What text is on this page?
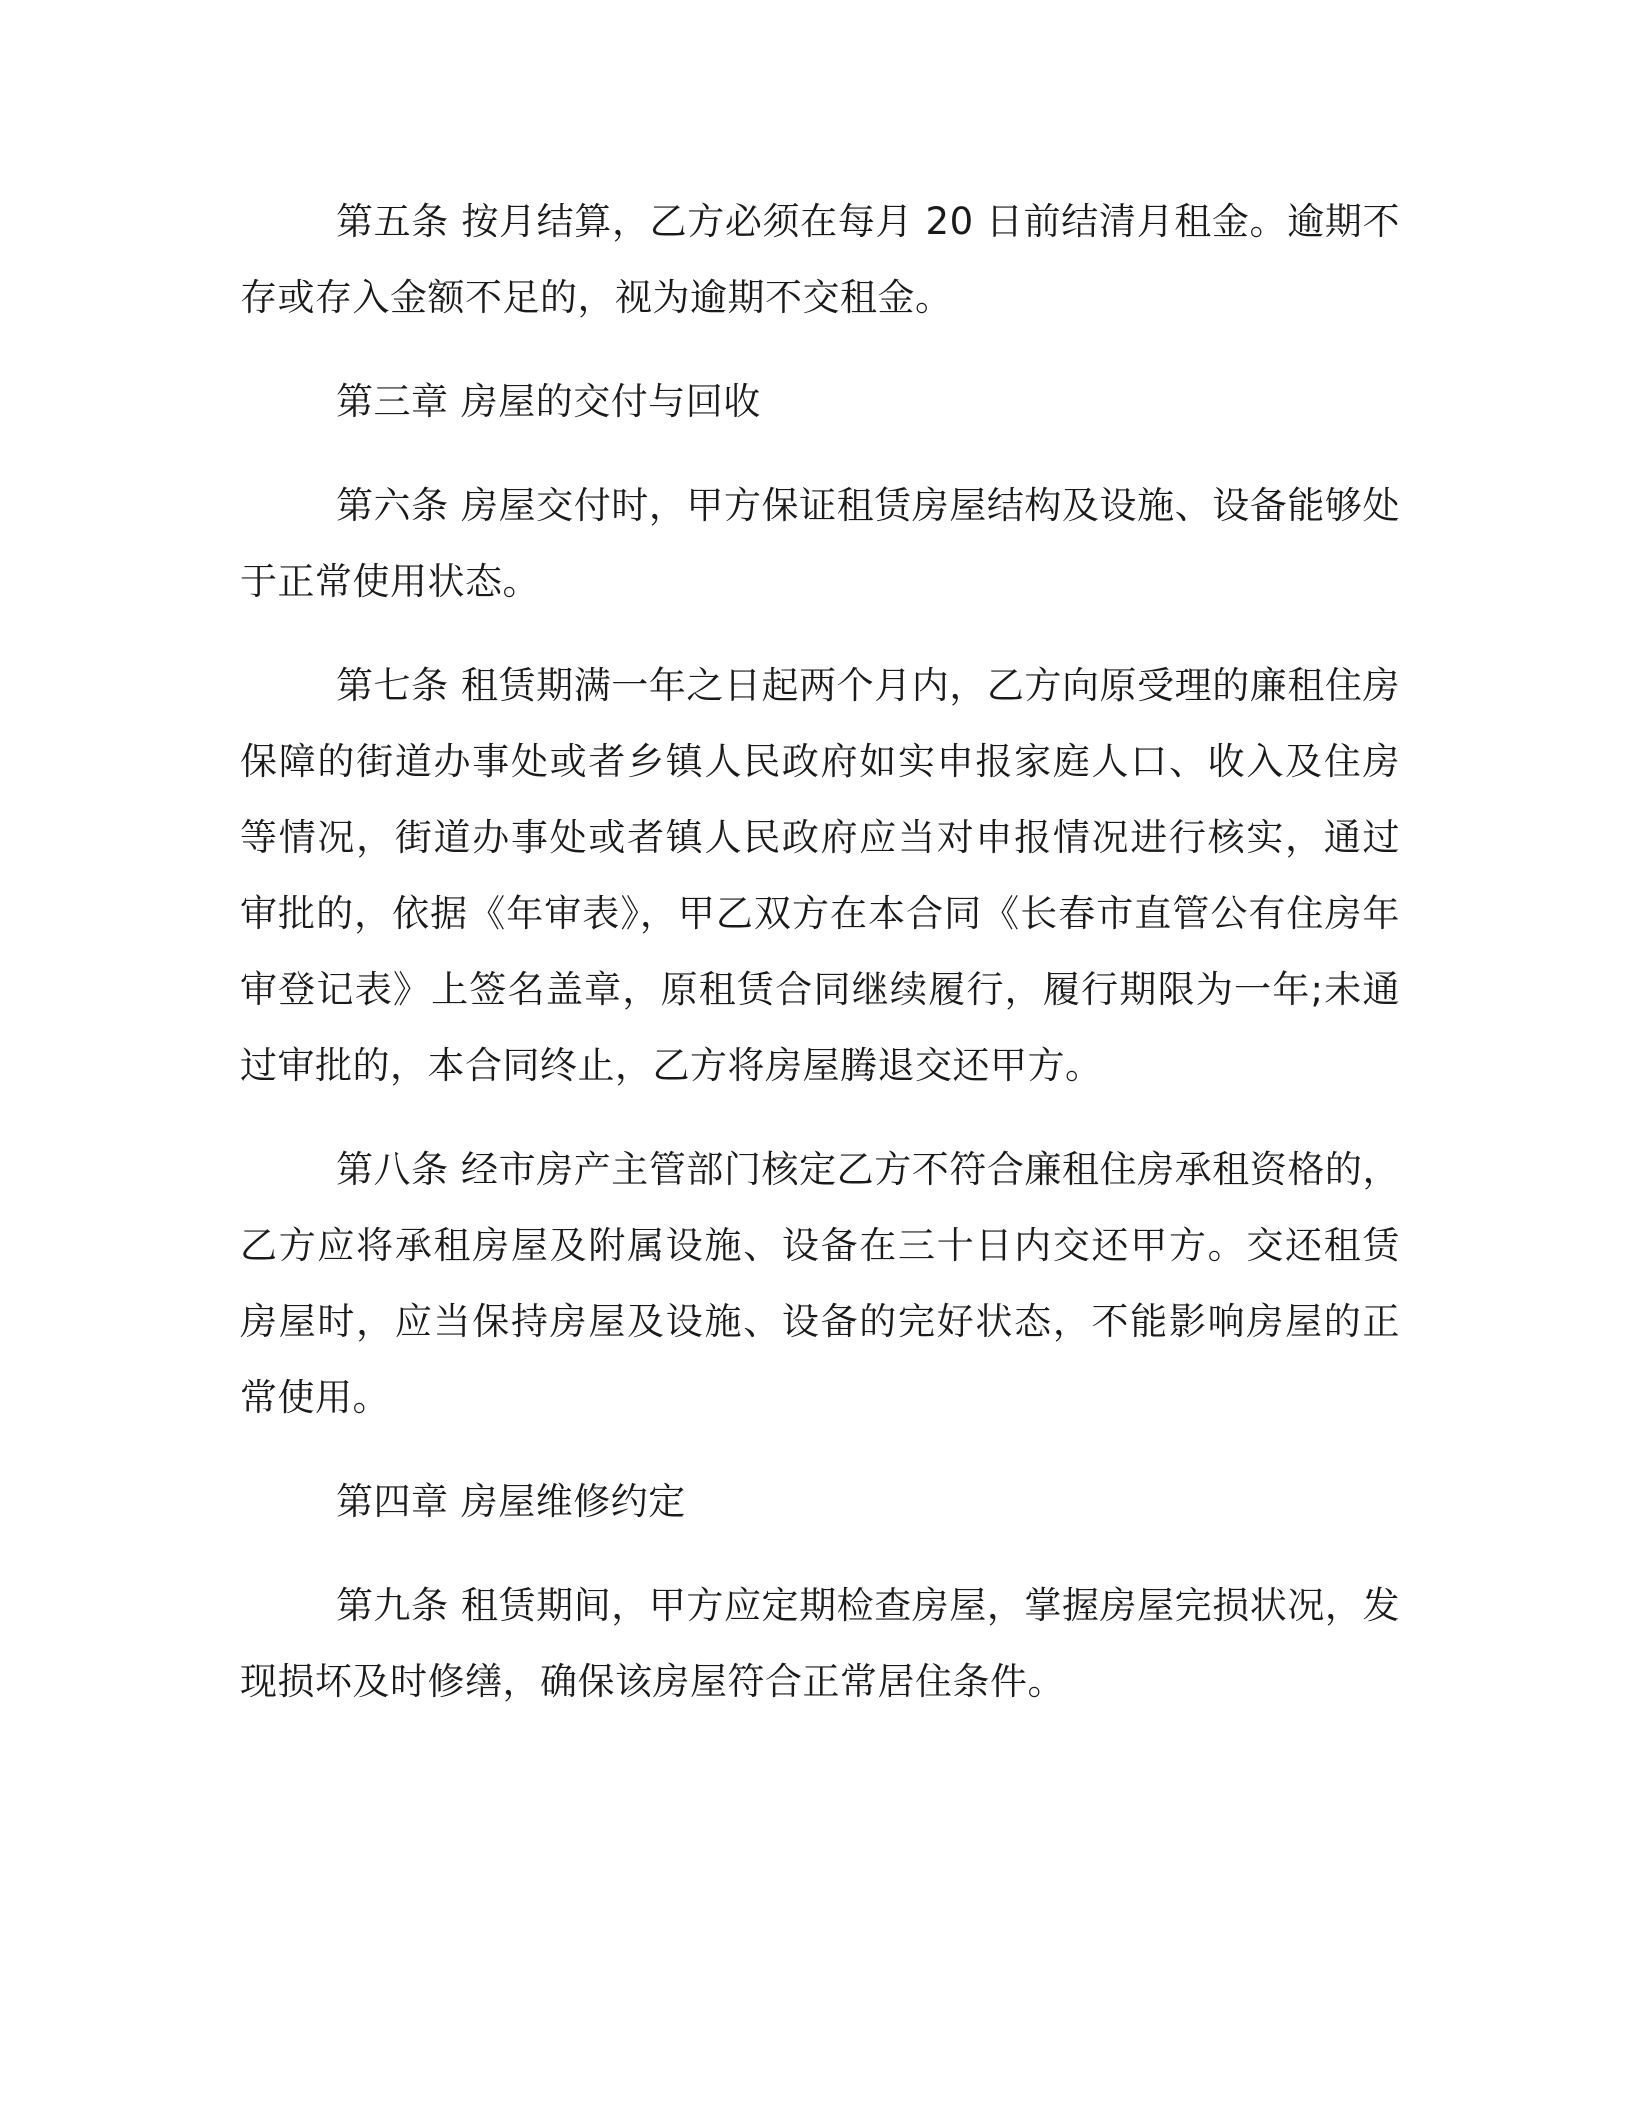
第五条 按月结算，乙方必须在每月 20 日前结清月租金。逾期不存或存入金额不足的，视为逾期不交租金。

第三章 房屋的交付与回收

第六条 房屋交付时，甲方保证租赁房屋结构及设施、设备能够处于正常使用状态。

第七条 租赁期满一年之日起两个月内，乙方向原受理的廉租住房保障的街道办事处或者乡镇人民政府如实申报家庭人口、收入及住房等情况，街道办事处或者镇人民政府应当对申报情况进行核实，通过审批的，依据《年审表》，甲乙双方在本合同《长春市直管公有住房年审登记表》上签名盖章，原租赁合同继续履行，履行期限为一年;未通过审批的，本合同终止，乙方将房屋腾退交还甲方。

第八条 经市房产主管部门核定乙方不符合廉租住房承租资格的，乙方应将承租房屋及附属设施、设备在三十日内交还甲方。交还租赁房屋时，应当保持房屋及设施、设备的完好状态，不能影响房屋的正常使用。

第四章 房屋维修约定

第九条 租赁期间，甲方应定期检查房屋，掌握房屋完损状况，发现损坏及时修缮，确保该房屋符合正常居住条件。
